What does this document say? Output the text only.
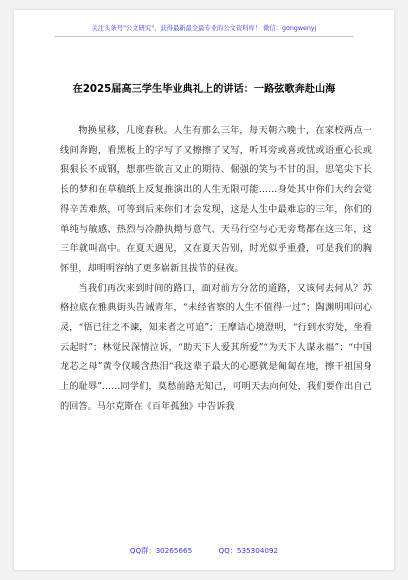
关注头条号"公文研究"，获得最新最全最专业的公文资料库！ 微信：gongwenyj
在2025届高三学生毕业典礼上的讲话：一路弦歌奔赴山海

物换星移，几度春秋。人生有那么三年，每天朝六晚十，在家校两点一线间奔跑，看黑板上的字写了又擦擦了又写，听耳旁或喜或忧或语重心长或狠狠长不成钢，想那些欲言又止的期待、倔强的笑与不甘的泪，思笔尖下长长的梦和在草稿纸上反复推演出的人生无限可能……身处其中你们大约会觉得辛苦难熬，可等到后来你们才会发现，这是人生中最难忘的三年，你们的单纯与敏感、热烈与冷静执拗与意气、天马行空与心无旁骛都在这三年，这三年就叫高中。在夏天遇见，又在夏天告别，时光似乎重叠，可是我们的胸怀里，却明明容纳了更多崭新且拔节的昼夜。

当我们再次来到时间的路口，面对前方分岔的道路，又该何去何从？苏格拉底在雅典街头告诫青年，“未经省察的人生不值得一过”；陶渊明叩问心灵，“悟已往之不谏，知来者之可追”；王摩诘心境澄明，“行到水穷处，坐看云起时”；林觉民深情泣诉，“助天下人爱其所爱”“为天下人谋永福”；“中国龙芯之母”黄令仪暖含热泪“我这辈子最大的心愿就是匍匐在地，擦干祖国身上的耻辱”……同学们，莫愁前路无知己，可明天去向何处，我们要作出自己的回答。马尔克斯在《百年孤独》中告诉我

QQ群：30265665	QQ：535304092
